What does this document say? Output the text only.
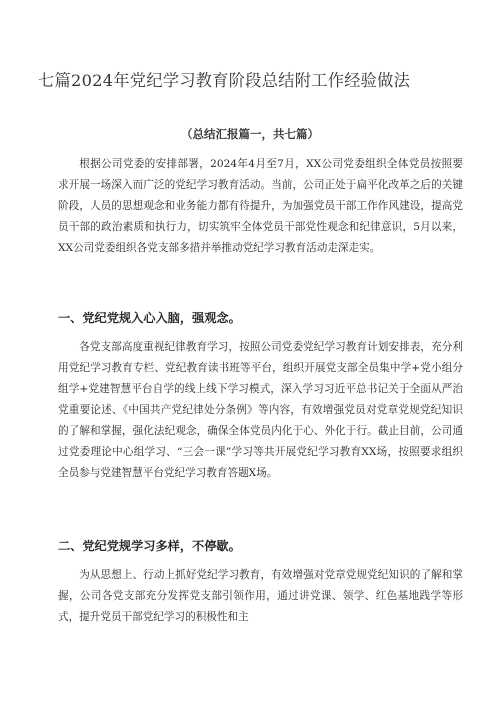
七篇2024年党纪学习教育阶段总结附工作经验做法
（总结汇报篇一，共七篇）

根据公司党委的安排部署，2024年4月至7月，XX公司党委组织全体党员按照要求开展一场深入而广泛的党纪学习教育活动。当前，公司正处于扁平化改革之后的关键阶段，人员的思想观念和业务能力都有待提升，为加强党员干部工作作风建设，提高党员干部的政治素质和执行力，切实筑牢全体党员干部党性观念和纪律意识，5月以来，XX公司党委组织各党支部多措并举推动党纪学习教育活动走深走实。

一、党纪党规入心入脑，强观念。

各党支部高度重视纪律教育学习，按照公司党委党纪学习教育计划安排表，充分利用党纪学习教育专栏、党纪教育读书班等平台，组织开展党支部全员集中学+党小组分组学+党建智慧平台自学的线上线下学习模式，深入学习习近平总书记关于全面从严治党重要论述、《中国共产党纪律处分条例》等内容，有效增强党员对党章党规党纪知识的了解和掌握，强化法纪观念，确保全体党员内化于心、外化于行。截止目前，公司通过党委理论中心组学习、“三会一课”学习等共开展党纪学习教育XX场，按照要求组织全员参与党建智慧平台党纪学习教育答题X场。

二、党纪党规学习多样，不停歇。

为从思想上、行动上抓好党纪学习教育，有效增强对党章党规党纪知识的了解和掌握，公司各党支部充分发挥党支部引领作用，通过讲党课、领学、红色基地践学等形式，提升党员干部党纪学习的积极性和主
